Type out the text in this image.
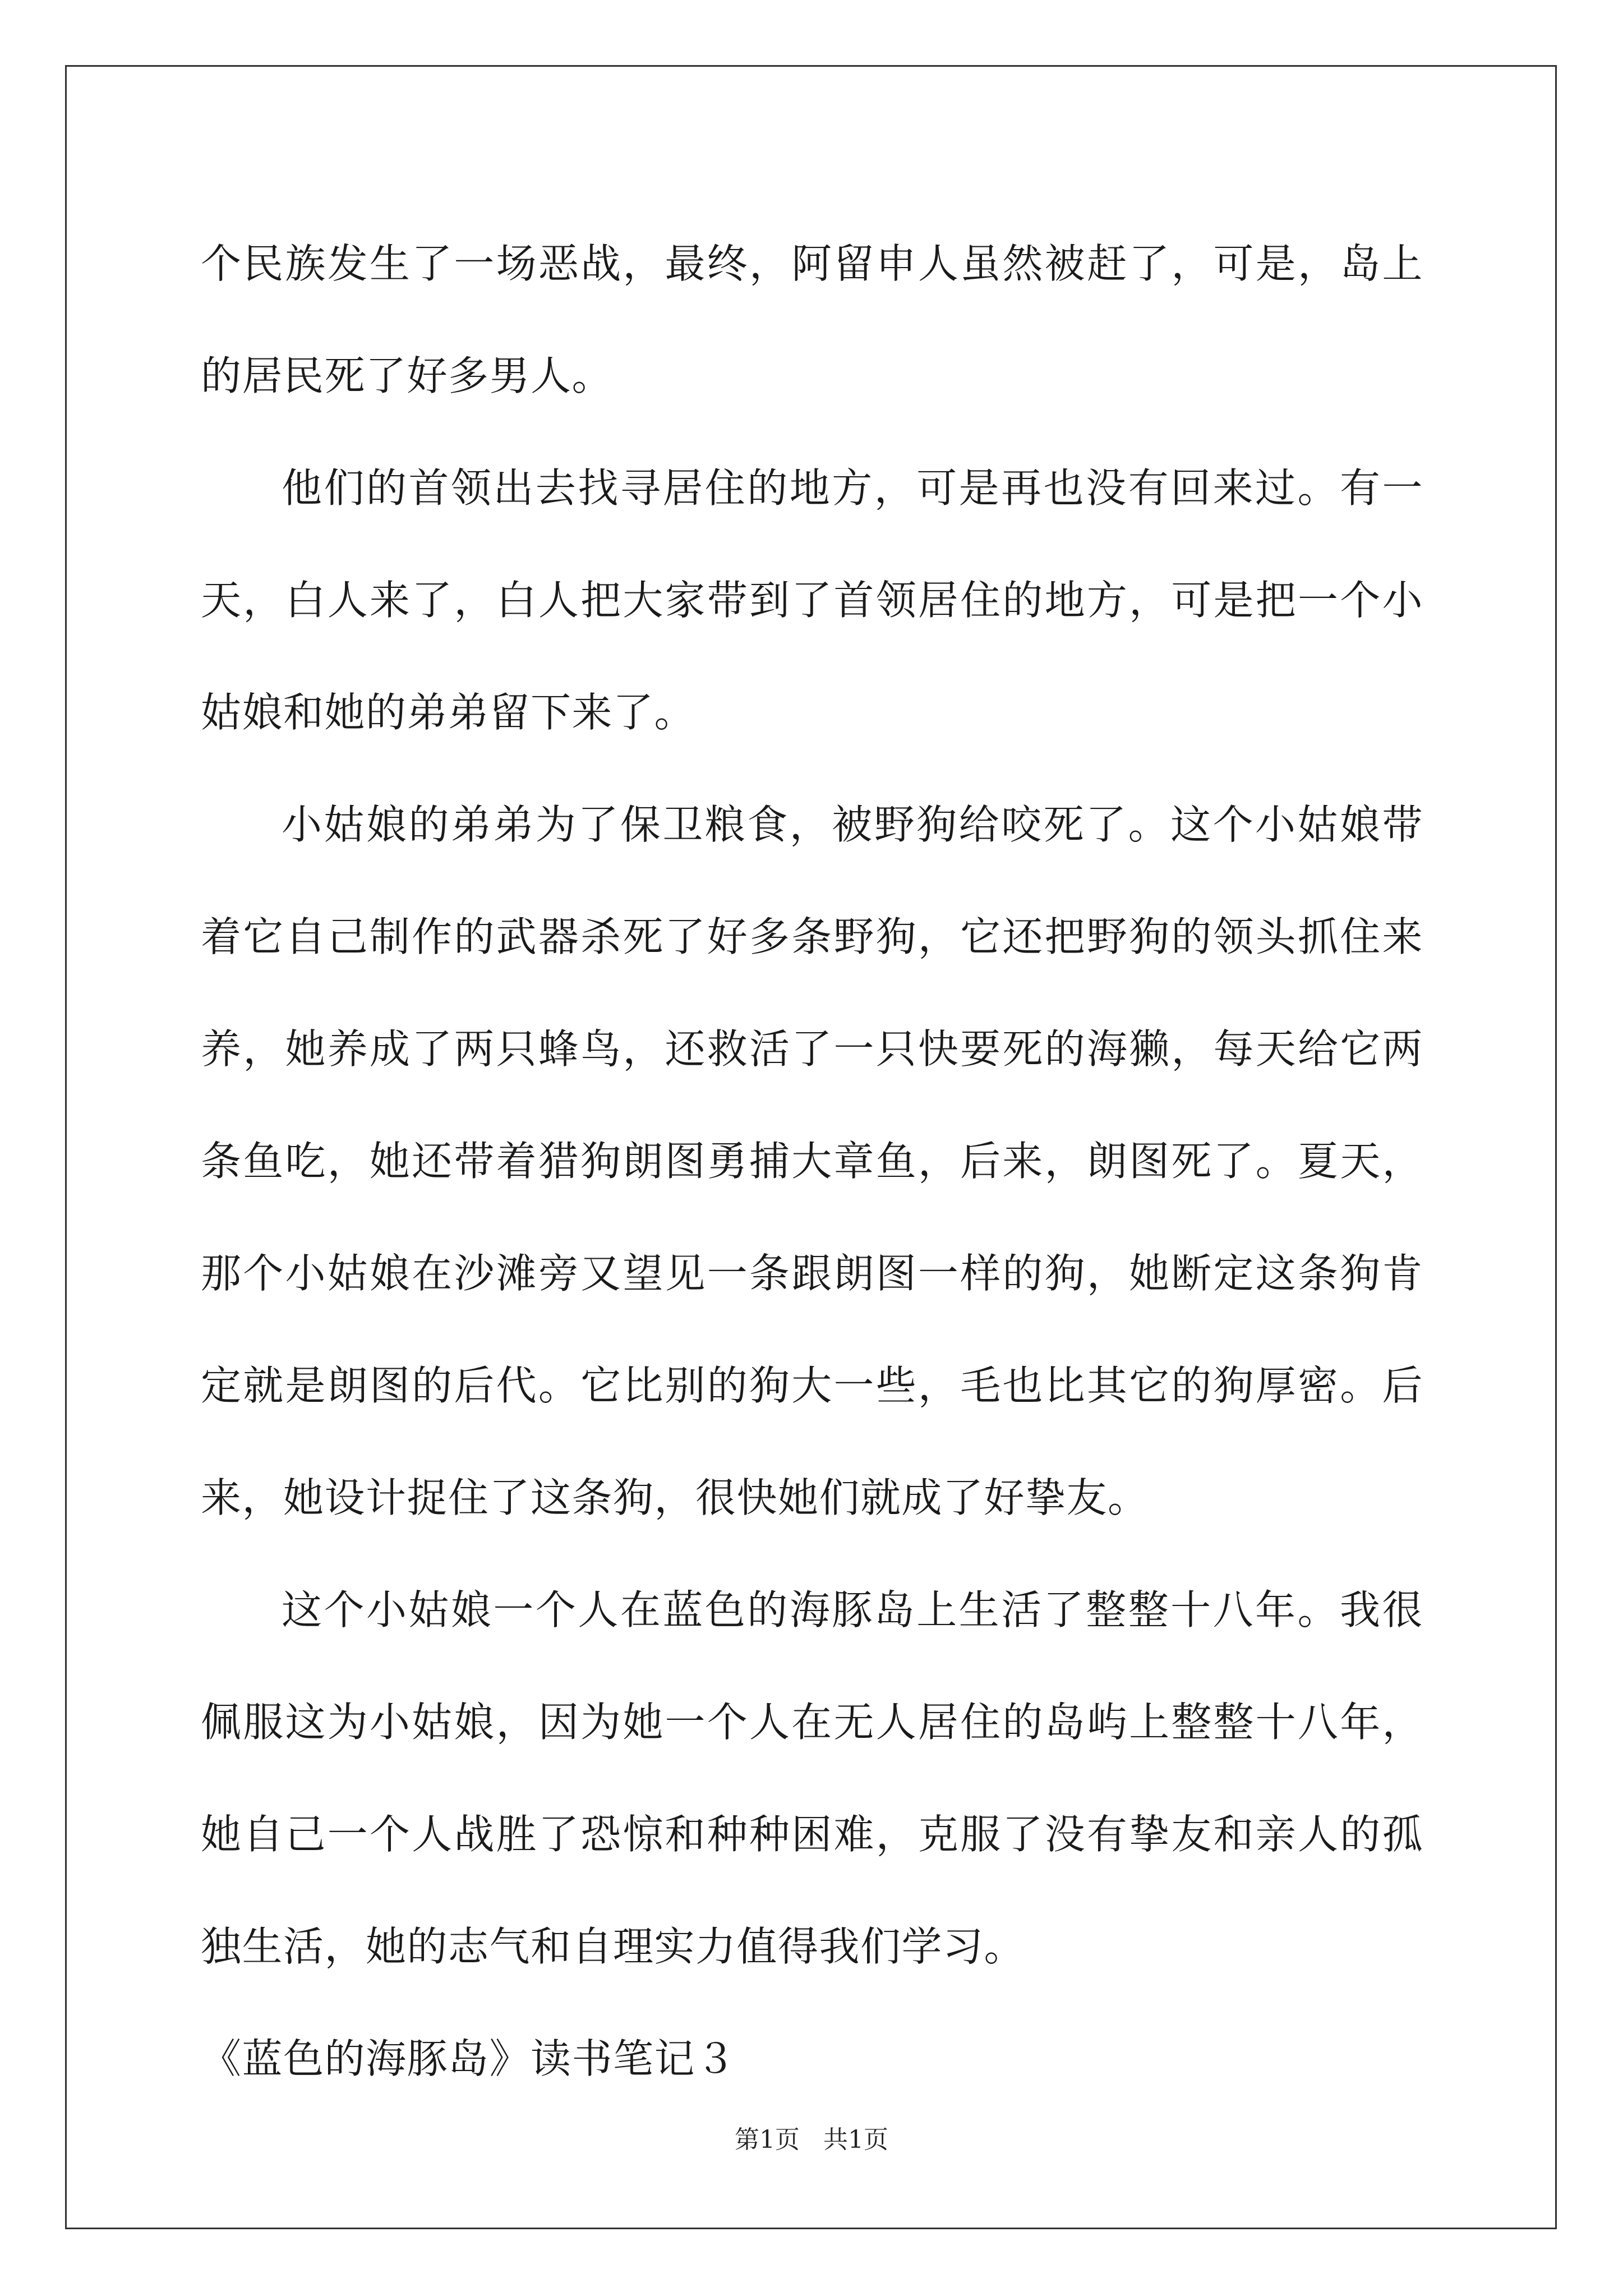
个民族发生了一场恶战，最终，阿留申人虽然被赶了，可是，岛上的居民死了好多男人。

他们的首领出去找寻居住的地方，可是再也没有回来过。有一天，白人来了，白人把大家带到了首领居住的地方，可是把一个小姑娘和她的弟弟留下来了。

小姑娘的弟弟为了保卫粮食，被野狗给咬死了。这个小姑娘带着它自己制作的武器杀死了好多条野狗，它还把野狗的领头抓住来养，她养成了两只蜂鸟，还救活了一只快要死的海獭，每天给它两条鱼吃，她还带着猎狗朗图勇捕大章鱼，后来，朗图死了。夏天，那个小姑娘在沙滩旁又望见一条跟朗图一样的狗，她断定这条狗肯定就是朗图的后代。它比别的狗大一些，毛也比其它的狗厚密。后来，她设计捉住了这条狗，很快她们就成了好挚友。

这个小姑娘一个人在蓝色的海豚岛上生活了整整十八年。我很佩服这为小姑娘，因为她一个人在无人居住的岛屿上整整十八年，她自己一个人战胜了恐惊和种种困难，克服了没有挚友和亲人的孤独生活，她的志气和自理实力值得我们学习。

《蓝色的海豚岛》读书笔记３

第1页 共1页
